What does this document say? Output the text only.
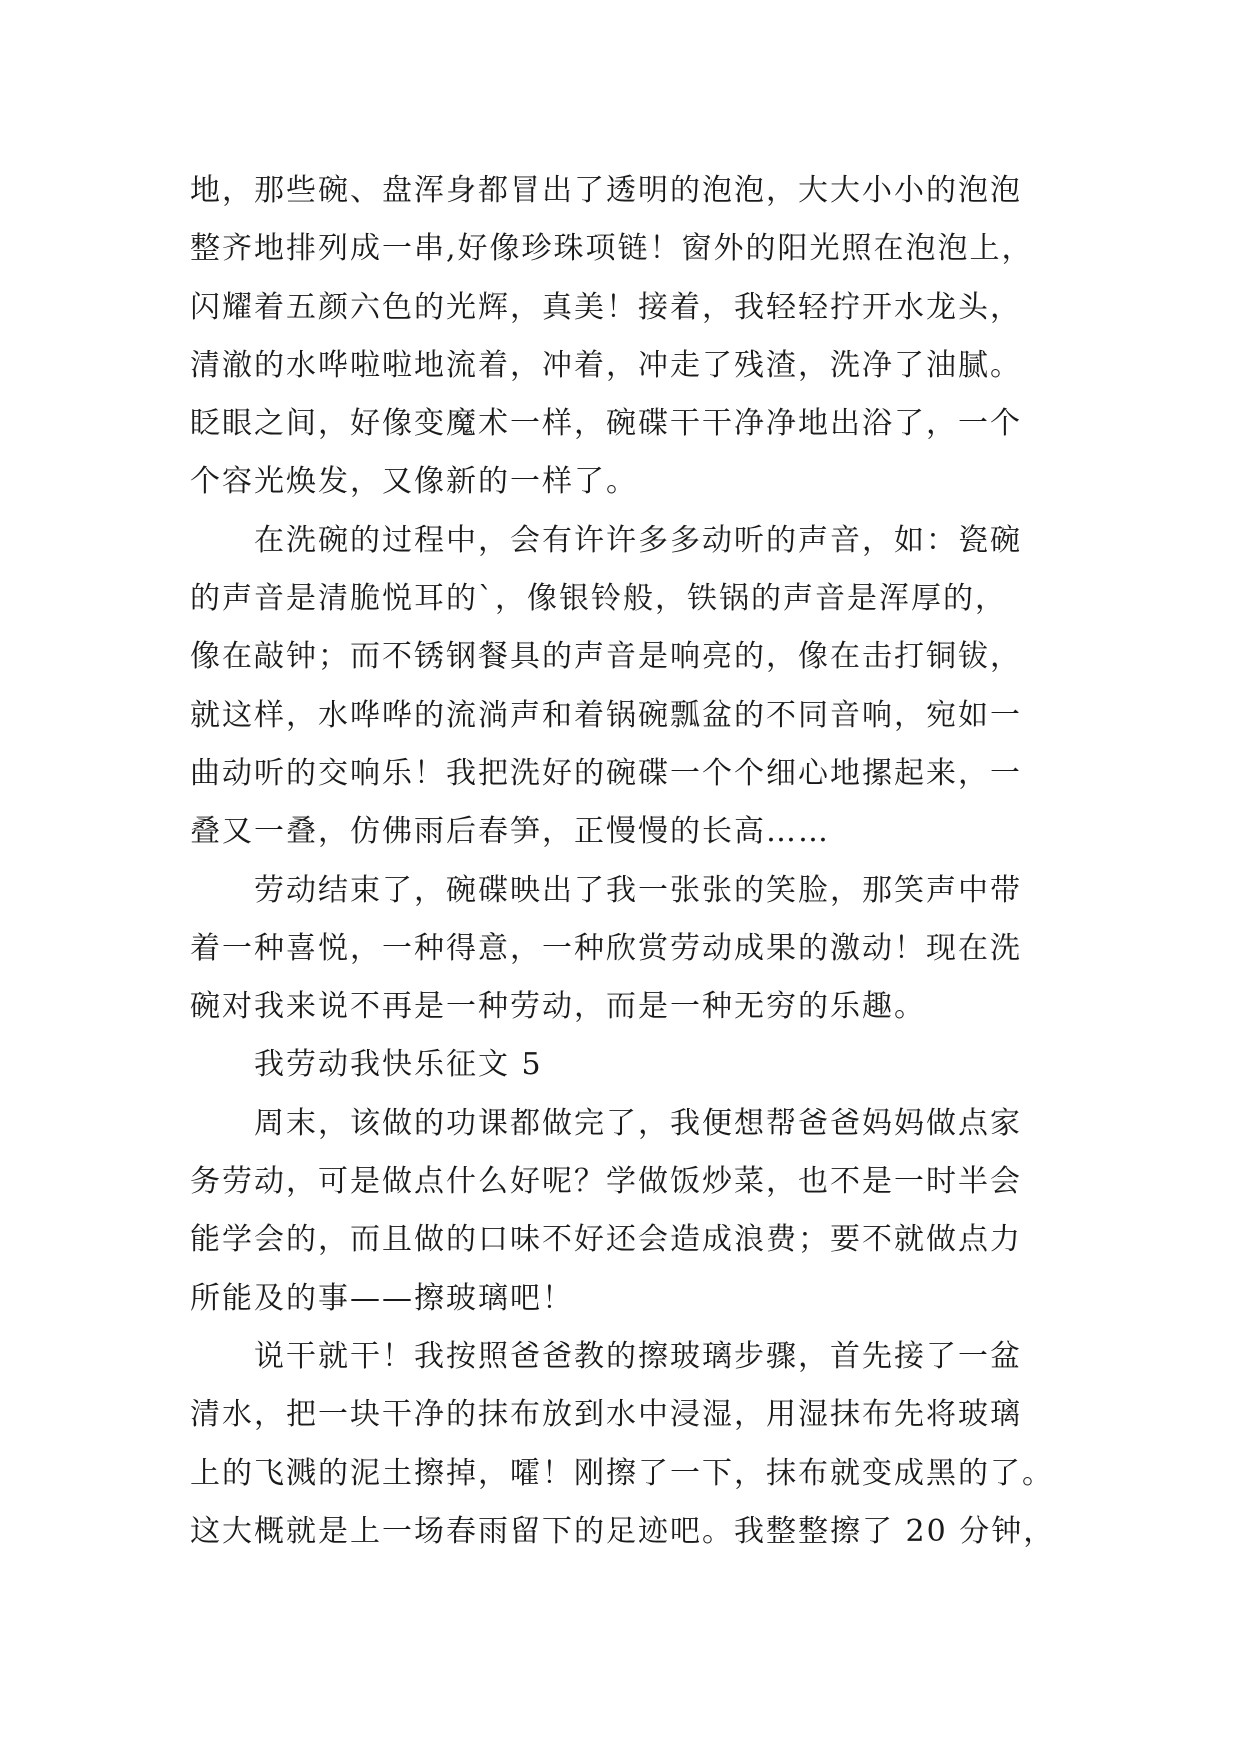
地，那些碗、盘浑身都冒出了透明的泡泡，大大小小的泡泡
整齐地排列成一串,好像珍珠项链！窗外的阳光照在泡泡上，
闪耀着五颜六色的光辉，真美！接着，我轻轻拧开水龙头，
清澈的水哗啦啦地流着，冲着，冲走了残渣，洗净了油腻。
眨眼之间，好像变魔术一样，碗碟干干净净地出浴了，一个
个容光焕发，又像新的一样了。
　　在洗碗的过程中，会有许许多多动听的声音，如：瓷碗
的声音是清脆悦耳的`，像银铃般，铁锅的声音是浑厚的，
像在敲钟；而不锈钢餐具的声音是响亮的，像在击打铜钹，
就这样，水哗哗的流淌声和着锅碗瓢盆的不同音响，宛如一
曲动听的交响乐！我把洗好的碗碟一个个细心地摞起来，一
叠又一叠，仿佛雨后春笋，正慢慢的长高……
　　劳动结束了，碗碟映出了我一张张的笑脸，那笑声中带
着一种喜悦，一种得意，一种欣赏劳动成果的激动！现在洗
碗对我来说不再是一种劳动，而是一种无穷的乐趣。
　　我劳动我快乐征文 5
　　周末，该做的功课都做完了，我便想帮爸爸妈妈做点家
务劳动，可是做点什么好呢？学做饭炒菜，也不是一时半会
能学会的，而且做的口味不好还会造成浪费；要不就做点力
所能及的事——擦玻璃吧！
　　说干就干！我按照爸爸教的擦玻璃步骤，首先接了一盆
清水，把一块干净的抹布放到水中浸湿，用湿抹布先将玻璃
上的飞溅的泥土擦掉，嚯！刚擦了一下，抹布就变成黑的了。
这大概就是上一场春雨留下的足迹吧。我整整擦了 20 分钟，
